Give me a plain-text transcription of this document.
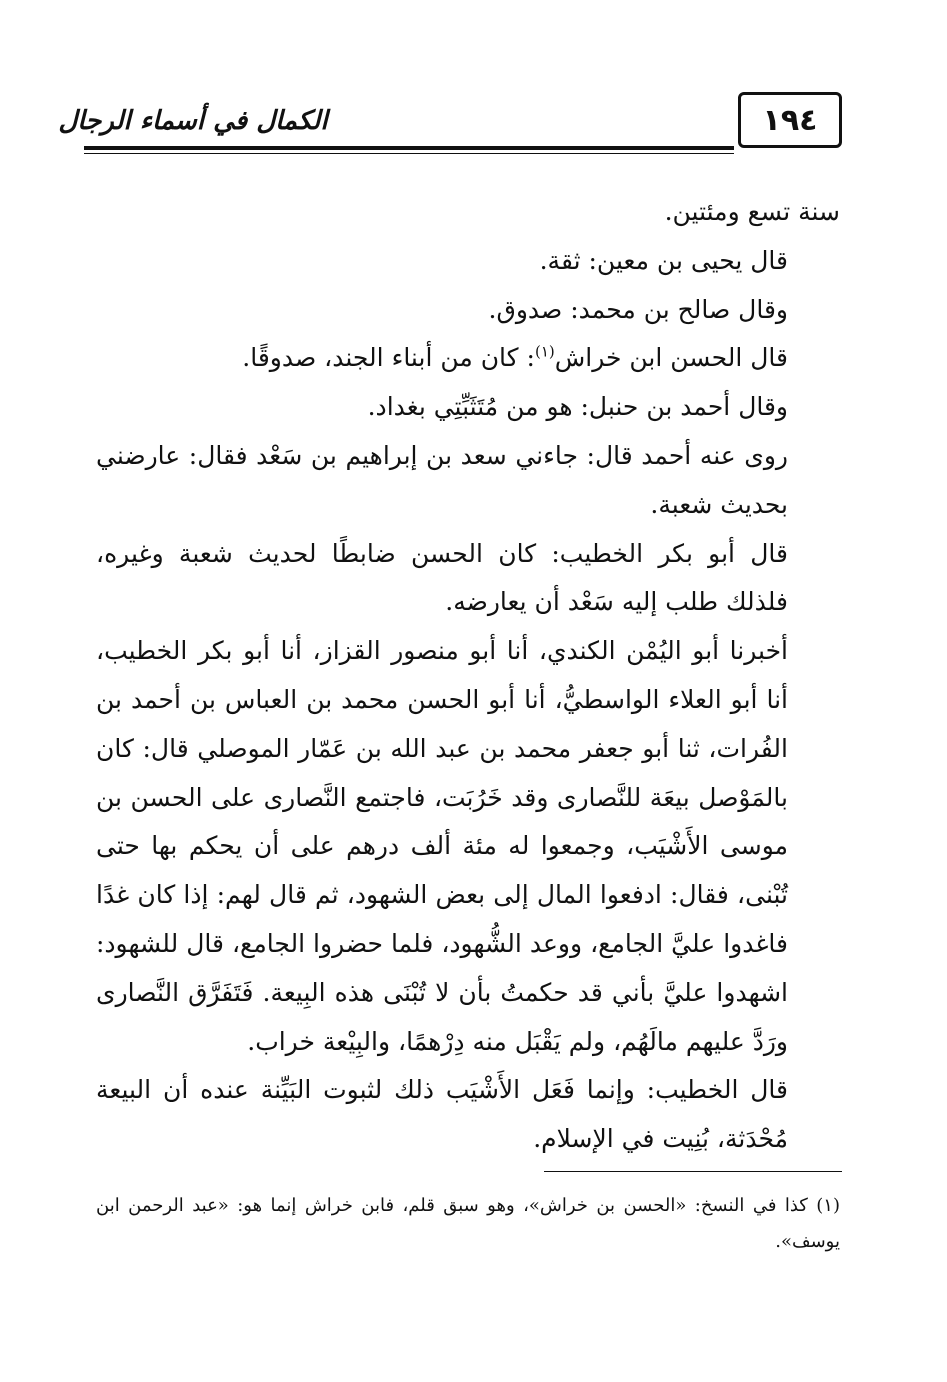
١٩٤
الكمال في أسماء الرجال

سنة تسع ومئتين.

قال يحيى بن معين: ثقة.

وقال صالح بن محمد: صدوق.

قال الحسن ابن خراش$^{(١)}$: كان من أبناء الجند، صدوقًا.

وقال أحمد بن حنبل: هو من مُتَثَبِّتِي بغداد.

روى عنه أحمد قال: جاءني سعد بن إبراهيم بن سَعْد فقال: عارضني بحديث شعبة.

قال أبو بكر الخطيب: كان الحسن ضابطًا لحديث شعبة وغيره، فلذلك طلب إليه سَعْد أن يعارضه.

أخبرنا أبو اليُمْن الكندي، أنا أبو منصور القزاز، أنا أبو بكر الخطيب، أنا أبو العلاء الواسطيُّ، أنا أبو الحسن محمد بن العباس بن أحمد بن الفُرات، ثنا أبو جعفر محمد بن عبد الله بن عَمّار الموصلي قال: كان بالمَوْصل بيعَة للنَّصارى وقد خَرُبَت، فاجتمع النَّصارى على الحسن بن موسى الأَشْيَب، وجمعوا له مئة ألف درهم على أن يحكم بها حتى تُبْنى، فقال: ادفعوا المال إلى بعض الشهود، ثم قال لهم: إذا كان غدًا فاغدوا عليَّ الجامع، ووعد الشُّهود، فلما حضروا الجامع، قال للشهود: اشهدوا عليَّ بأني قد حكمتُ بأن لا تُبْنَى هذه البِيعة. فَتَفَرَّق النَّصارى ورَدَّ عليهم مالَهُم، ولم يَقْبَل منه دِرْهمًا، والبِيْعة خراب.

قال الخطيب: وإنما فَعَل الأَشْيَب ذلك لثبوت البَيِّنة عنده أن البيعة مُحْدَثة، بُنِيت في الإسلام.

(١) كذا في النسخ: «الحسن بن خراش»، وهو سبق قلم، فابن خراش إنما هو: «عبد الرحمن ابن يوسف».
